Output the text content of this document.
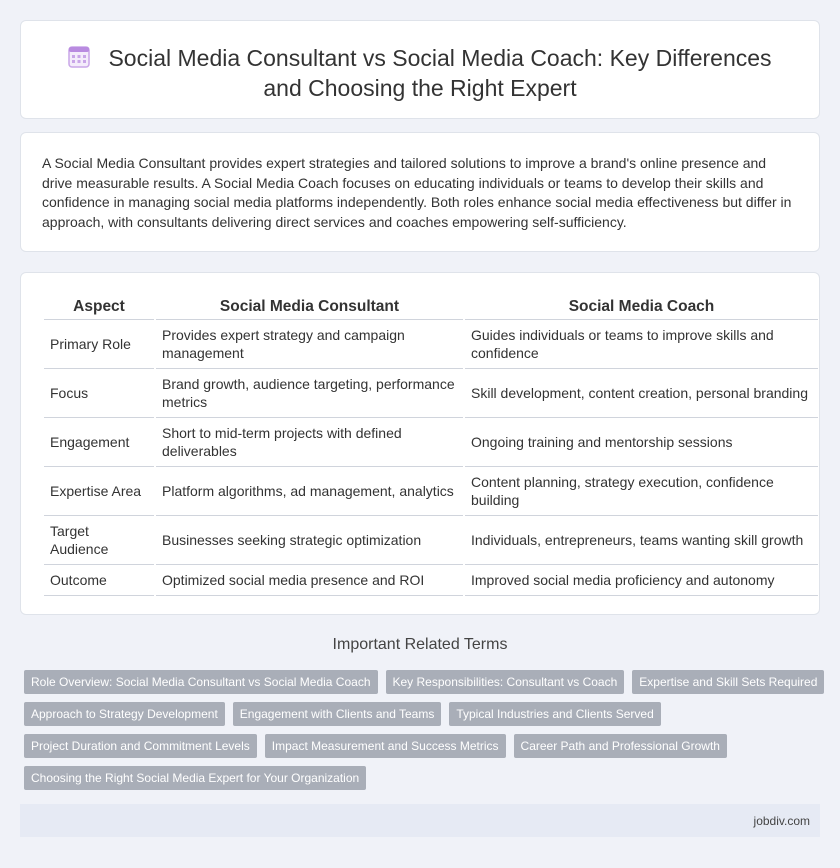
Social Media Consultant vs Social Media Coach: Key Differences and Choosing the Right Expert

A Social Media Consultant provides expert strategies and tailored solutions to improve a brand's online presence and drive measurable results. A Social Media Coach focuses on educating individuals or teams to develop their skills and confidence in managing social media platforms independently. Both roles enhance social media effectiveness but differ in approach, with consultants delivering direct services and coaches empowering self-sufficiency.

Aspect	Social Media Consultant	Social Media Coach
Primary Role	Provides expert strategy and campaign management	Guides individuals or teams to improve skills and confidence
Focus	Brand growth, audience targeting, performance metrics	Skill development, content creation, personal branding
Engagement	Short to mid-term projects with defined deliverables	Ongoing training and mentorship sessions
Expertise Area	Platform algorithms, ad management, analytics	Content planning, strategy execution, confidence building
Target Audience	Businesses seeking strategic optimization	Individuals, entrepreneurs, teams wanting skill growth
Outcome	Optimized social media presence and ROI	Improved social media proficiency and autonomy
Important Related Terms
Role Overview: Social Media Consultant vs Social Media Coach	Key Responsibilities: Consultant vs Coach	Expertise and Skill Sets Required
Approach to Strategy Development	Engagement with Clients and Teams	Typical Industries and Clients Served
Project Duration and Commitment Levels	Impact Measurement and Success Metrics	Career Path and Professional Growth
Choosing the Right Social Media Expert for Your Organization
jobdiv.com
